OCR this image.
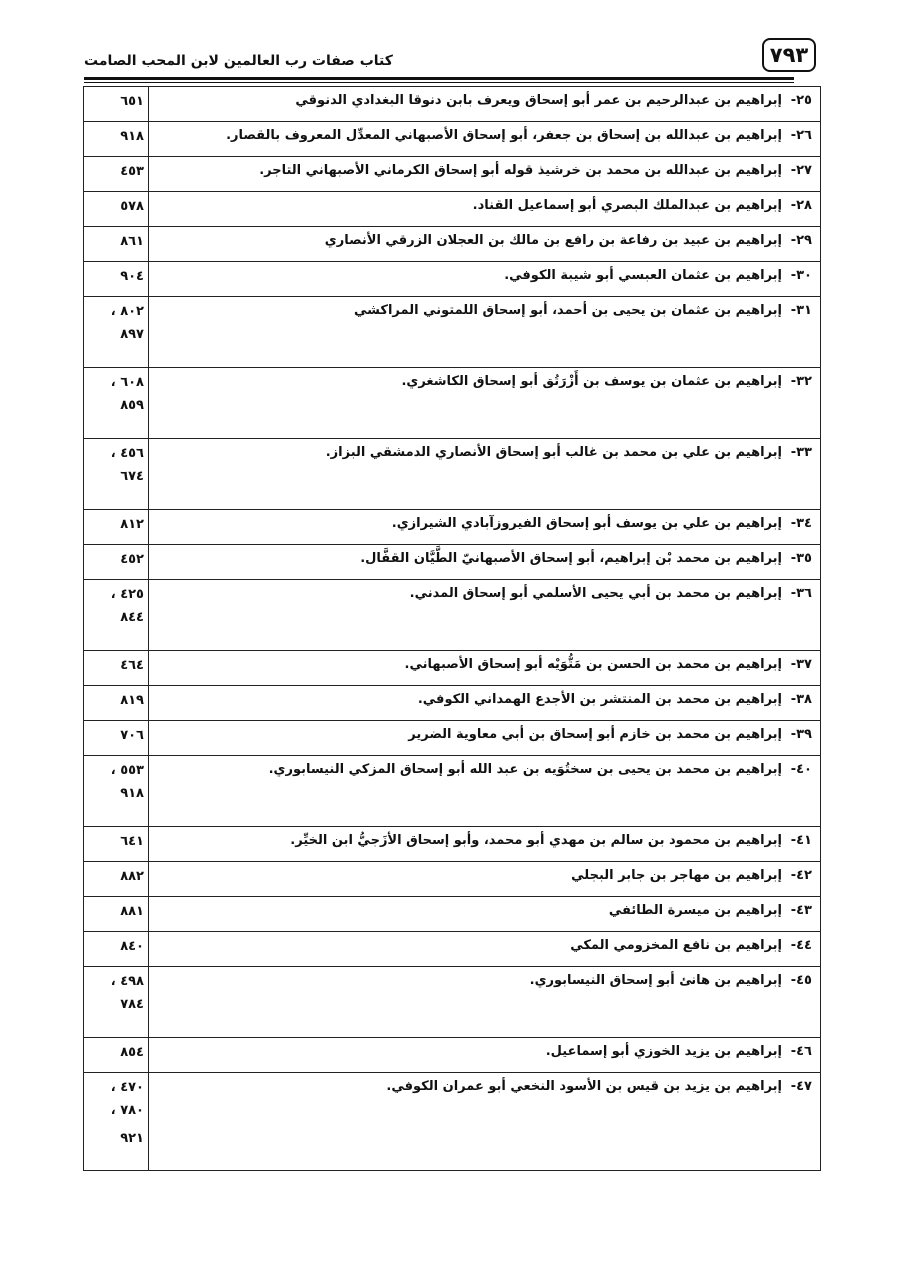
٧٩٣
كتاب صفات رب العالمين لابن المحب الصامت
٢٥-إبراهيم بن عبدالرحيم بن عمر أبو إسحاق ويعرف بابن دنوقا البغدادي الدنوقي	٦٥١

٢٦-إبراهيم بن عبدالله بن إسحاق بن جعفر، أبو إسحاق الأصبهاني المعدِّل المعروف بالقصار.	٩١٨

٢٧-إبراهيم بن عبدالله بن محمد بن خرشيذ قوله أبو إسحاق الكرماني الأصبهاني التاجر.	٤٥٣

٢٨-إبراهيم بن عبدالملك البصري أبو إسماعيل القناد.	٥٧٨

٢٩-إبراهيم بن عبيد بن رفاعة بن رافع بن مالك بن العجلان الزرقي الأنصاري	٨٦١

٣٠-إبراهيم بن عثمان العبسي أبو شيبة الكوفي.	٩٠٤

٣١-إبراهيم بن عثمان بن يحيى بن أحمد، أبو إسحاق اللمتوني المراكشي	٨٠٢ ،
٨٩٧

٣٢-إبراهيم بن عثمان بن يوسف بن أَزْرَتُق أبو إسحاق الكاشغري.	٦٠٨ ،
٨٥٩

٣٣-إبراهيم بن علي بن محمد بن غالب أبو إسحاق الأنصاري الدمشقي البزاز.	٤٥٦ ،
٦٧٤

٣٤-إبراهيم بن علي بن يوسف أبو إسحاق الفيروزآبادي الشيرازي.	٨١٢

٣٥-إبراهيم بن محمد بْن إبراهيم، أبو إسحاق الأصبهانيّ الطَّيَّان القفَّال.	٤٥٢

٣٦-إبراهيم بن محمد بن أبي يحيى الأسلمي أبو إسحاق المدني.	٤٢٥ ،
٨٤٤

٣٧-إبراهيم بن محمد بن الحسن بن مَتُّوَيْه أبو إسحاق الأصبهاني.	٤٦٤

٣٨-إبراهيم بن محمد بن المنتشر بن الأجدع الهمداني الكوفي.	٨١٩

٣٩-إبراهيم بن محمد بن خازم أبو إسحاق بن أبي معاوية الضرير	٧٠٦

٤٠-إبراهيم بن محمد بن يحيى بن سختُوَيه بن عبد الله أبو إسحاق المزكي النيسابوري.	٥٥٣ ،
٩١٨

٤١-إبراهيم بن محمود بن سالم بن مهدي أبو محمد، وأبو إسحاق الأزَجيُّ ابن الخيِّر.	٦٤١

٤٢-إبراهيم بن مهاجر بن جابر البجلي	٨٨٢

٤٣-إبراهيم بن ميسرة الطائفي	٨٨١

٤٤-إبراهيم بن نافع المخزومي المكي	٨٤٠

٤٥-إبراهيم بن هانئ أبو إسحاق النيسابوري.	٤٩٨ ،
٧٨٤

٤٦-إبراهيم بن يزيد الخوزي أبو إسماعيل.	٨٥٤

٤٧-إبراهيم بن يزيد بن قيس بن الأسود النخعي أبو عمران الكوفي.	٤٧٠ ،
٧٨٠ ،
٩٢١
